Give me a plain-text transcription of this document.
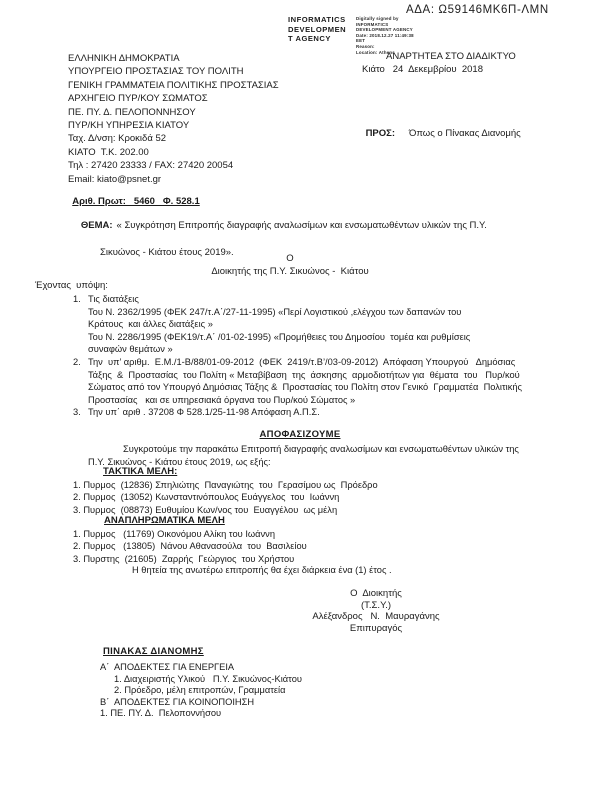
ΑΔΑ: Ω59146ΜΚ6Π-ΛΜΝ
INFORMATICS
DEVELOPMEN
T AGENCY
Digitally signed by
INFORMATICS
DEVELOPMENT AGENCY
Date: 2018.12.27 11:49:38
EET
Reason:
Location: Athens
ΕΛΛΗΝΙΚΗ ΔΗΜΟΚΡΑΤΙΑ
ΥΠΟΥΡΓΕΙΟ ΠΡΟΣΤΑΣΙΑΣ ΤΟΥ ΠΟΛΙΤΗ
ΓΕΝΙΚΗ ΓΡΑΜΜΑΤΕΙΑ ΠΟΛΙΤΙΚΗΣ ΠΡΟΣΤΑΣΙΑΣ
ΑΡΧΗΓΕΙΟ ΠΥΡ/ΚΟΥ ΣΩΜΑΤΟΣ
ΠΕ. ΠΥ. Δ. ΠΕΛΟΠΟΝΝΗΣΟΥ
ΠΥΡ/ΚΗ ΥΠΗΡΕΣΙΑ ΚΙΑΤΟΥ
Ταχ. Δ/νση: Κροκιδά 52
ΚΙΑΤΟ  Τ.Κ. 202.00
Τηλ : 27420 23333 / FAX: 27420 20054
Email: kiato@psnet.gr
ΑΝΑΡΤΗΤΕΑ ΣΤΟ ΔΙΑΔΙΚΤΥΟ
Κιάτο   24  Δεκεμβρίου  2018

ΠΡΟΣ: Όπως ο Πίνακας Διανομής

Αριθ. Πρωτ:   5460   Φ. 528.1

ΘΕΜΑ: « Συγκρότηση Επιτροπής διαγραφής αναλωσίμων και ενσωματωθέντων υλικών της Π.Υ.

Σικυώνος - Κιάτου έτους 2019».
Ο
Διοικητής της Π.Υ. Σικυώνος -  Κιάτου
Έχοντας  υπόψη:
1. Τις διατάξεις
Του Ν. 2362/1995 (ΦΕΚ 247/τ.Α΄/27-11-1995) «Περί Λογιστικού ,ελέγχου των δαπανών του
Κράτους  και άλλες διατάξεις »
Του Ν. 2286/1995 (ΦΕΚ19/τ.Α΄ /01-02-1995) «Προμήθειες του Δημοσίου  τομέα και ρυθμίσεις
συναφών θεμάτων »
2. Την  υπ’ αριθμ.  Ε.Μ./1-Β/88/01-09-2012  (ΦΕΚ  2419/τ.Β’/03-09-2012)  Απόφαση Υπουργού   Δημόσιας
Τάξης  &  Προστασίας  του Πολίτη « Μεταβίβαση  της  άσκησης  αρμοδιοτήτων για  θέματα  του   Πυρ/κού
Σώματος από τον Υπουργό Δημόσιας Τάξης &  Προστασίας του Πολίτη στον Γενικό  Γραμματέα  Πολιτικής
Προστασίας   και σε υπηρεσιακά όργανα του Πυρ/κού Σώματος »
3. Την υπ΄ αριθ . 37208 Φ 528.1/25-11-98 Απόφαση Α.Π.Σ.
ΑΠΟΦΑΣΙΖΟΥΜΕ
Συγκροτούμε την παρακάτω Επιτροπή διαγραφής αναλωσίμων και ενσωματωθέντων υλικών της
Π.Υ. Σικυώνος - Κιάτου έτους 2019, ως εξής:
ΤΑΚΤΙΚΑ ΜΕΛΗ:
1. Πυρμος  (12836) Σπηλιώτης  Παναγιώτης  του  Γερασίμου ως  Πρόεδρο
2. Πυρμος  (13052) Κωνσταντινόπουλος Ευάγγελος  του  Ιωάννη
3. Πυρμος  (08873) Ευθυμίου Κων/νος του  Ευαγγέλου  ως μέλη
ΑΝΑΠΛΗΡΩΜΑΤΙΚΑ ΜΕΛΗ
1. Πυρμος   (11769) Οικονόμου Αλίκη του Ιωάννη
2. Πυρμος   (13805)  Νάνου Αθανασούλα  του  Βασιλείου
3. Πυρστης  (21605)  Ζαρρής  Γεώργιος  του Χρήστου
Η θητεία της ανωτέρω επιτροπής θα έχει διάρκεια ένα (1) έτος .
Ο  Διοικητής
(Τ.Σ.Υ.)
Αλέξανδρος   Ν.  Μαυραγάνης
Επιπυραγός
ΠΙΝΑΚΑΣ ΔΙΑΝΟΜΗΣ
Α΄  ΑΠΟΔΕΚΤΕΣ ΓΙΑ ΕΝΕΡΓΕΙΑ
1. Διαχειριστής Υλικού   Π.Υ. Σικυώνος-Κιάτου
2. Πρόεδρο, μέλη επιτροπών, Γραμματεία
Β΄  ΑΠΟΔΕΚΤΕΣ ΓΙΑ ΚΟΙΝΟΠΟΙΗΣΗ
1. ΠΕ. ΠΥ. Δ.  Πελοποννήσου
